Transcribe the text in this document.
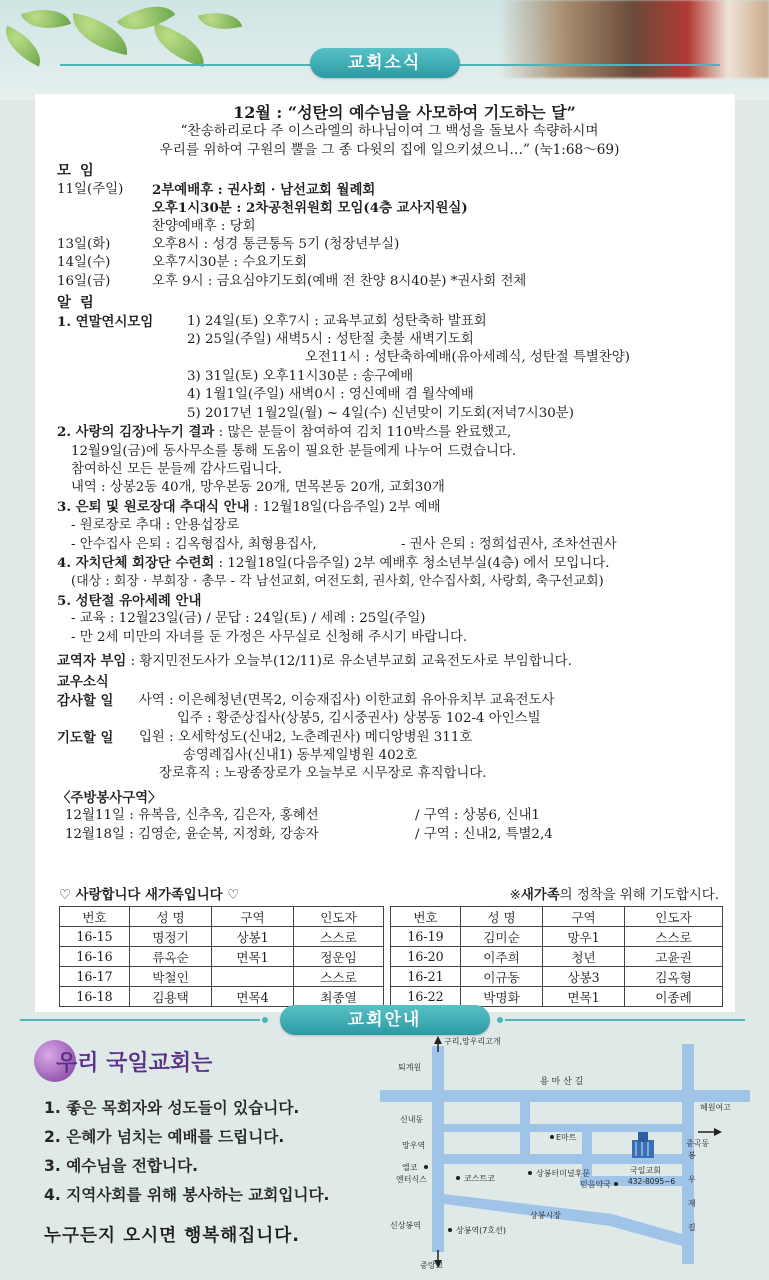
교회소식
12월 : “성탄의 예수님을 사모하여 기도하는 달”
“찬송하리로다 주 이스라엘의 하나님이여 그 백성을 돌보사 속량하시며
우리를 위하여 구원의 뿔을 그 종 다윗의 집에 일으키셨으니…” (눅1:68～69)
모 임
11일(주일)	2부예배후 : 권사회 · 남선교회 월례회
오후1시30분 : 2차공천위원회 모임(4층 교사지원실)
찬양예배후 : 당회
13일(화)	오후8시 : 성경 통큰통독 5기 (청장년부실)
14일(수)	오후7시30분 : 수요기도회
16일(금)	오후 9시 : 금요심야기도회(예배 전 찬양 8시40분) *권사회 전체
알 림
1. 연말연시모임	1) 24일(토) 오후7시 : 교육부교회 성탄축하 발표회
2) 25일(주일) 새벽5시 : 성탄절 촛불 새벽기도회
오전11시 : 성탄축하예배(유아세례식, 성탄절 특별찬양)
3) 31일(토) 오후11시30분 : 송구예배
4) 1월1일(주일) 새벽0시 : 영신예배 겸 월삭예배
5) 2017년 1월2일(월) ~ 4일(수) 신년맞이 기도회(저녁7시30분)
2. 사랑의 김장나누기 결과 : 많은 분들이 참여하여 김치 110박스를 완료했고,
12월9일(금)에 동사무소를 통해 도움이 필요한 분들에게 나누어 드렸습니다.
참여하신 모든 분들께 감사드립니다.
내역 : 상봉2동 40개, 망우본동 20개, 면목본동 20개, 교회30개
3. 은퇴 및 원로장대 추대식 안내 : 12월18일(다음주일) 2부 예배
- 원로장로 추대 : 안용섭장로
- 안수집사 은퇴 : 김옥형집사, 최형용집사,	- 권사 은퇴 : 정희섭권사, 조차선권사
4. 자치단체 회장단 수련회 : 12월18일(다음주일) 2부 예배후 청소년부실(4층) 에서 모입니다.
(대상 : 회장 · 부회장 · 총무 - 각 남선교회, 여전도회, 권사회, 안수집사회, 사랑회, 축구선교회)
5. 성탄절 유아세례 안내
- 교육 : 12월23일(금) / 문답 : 24일(토) / 세례 : 25일(주일)
- 만 2세 미만의 자녀를 둔 가정은 사무실로 신청해 주시기 바랍니다.
교역자 부임 : 황지민전도사가 오늘부(12/11)로 유소년부교회 교육전도사로 부임합니다.
교우소식
감사할 일	사역 : 이은혜청년(면목2, 이승재집사) 이한교회 유아유치부 교육전도사
입주 : 황준상집사(상봉5, 김시중권사) 상봉동 102-4 아인스빌
기도할 일	입원 : 오세학성도(신내2, 노춘례권사) 메디앙병원 311호
송영례집사(신내1) 동부제일병원 402호
장로휴직 : 노광종장로가 오늘부로 시무장로 휴직합니다.
〈주방봉사구역〉
12월11일 : 유복음, 신추옥, 김은자, 홍혜선	/ 구역 : 상봉6, 신내1
12월18일 : 김영순, 윤순복, 지정화, 강송자	/ 구역 : 신내2, 특별2,4
♡ 사랑합니다 새가족입니다 ♡	※새가족의 정착을 위해 기도합시다.
번호	성 명	구역	인도자
16-15	명정기	상봉1	스스로
16-16	류옥순	면목1	정운임
16-17	박철인		스스로
16-18	김용택	면목4	최종열
번호	성 명	구역	인도자
16-19	김미순	망우1	스스로
16-20	이주희	청년	고윤권
16-21	이규동	상봉3	김옥형
16-22	박명화	면목1	이종례
교회안내
우리 국일교회는
1. 좋은 목회자와 성도들이 있습니다.
2. 은혜가 넘치는 예배를 드립니다.
3. 예수님을 전합니다.
4. 지역사회를 위해 봉사하는 교회입니다.
누구든지 오시면 행복해집니다.
구리,망우리고개
퇴계원
용 마 산 길
신내동
E마트
혜원여고
망우역	중곡동
엘코
엔터식스	코스트코
상봉터미널후문	국일교회
432-8095~6
봉
우
재
길
믿음약국
상봉시장
신상봉역
상봉역(7호선)
중랑교
